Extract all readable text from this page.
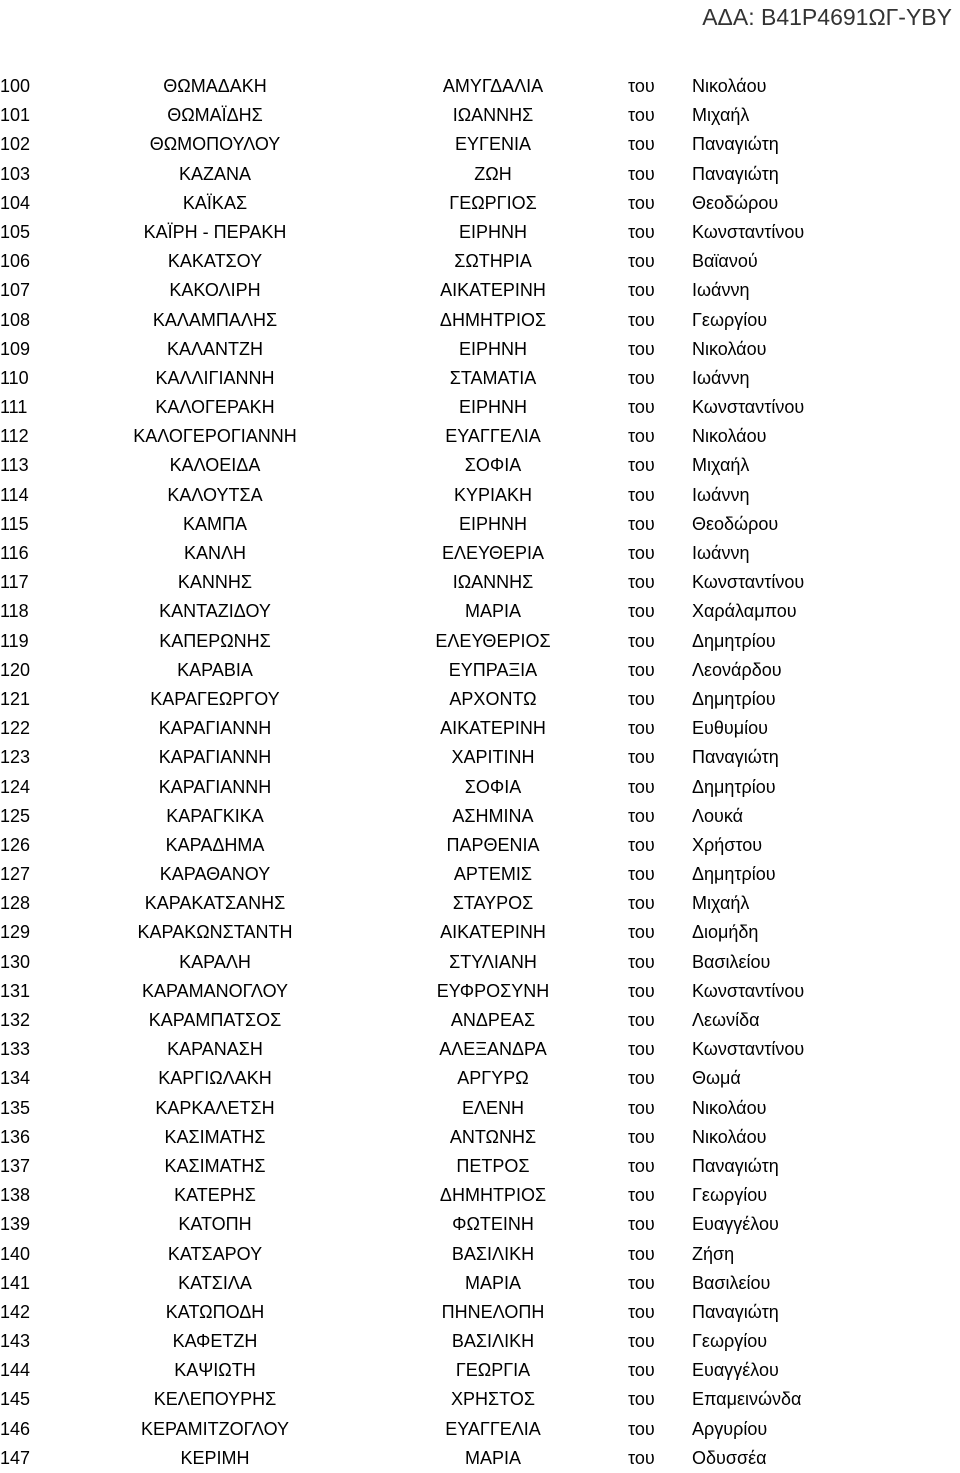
ΑΔΑ: Β41Ρ4691ΩΓ-ΥΒΥ
100	ΘΩΜΑΔΑΚΗ	ΑΜΥΓΔΑΛΙΑ	του	Νικολάου
101	ΘΩΜΑΪΔΗΣ	ΙΩΑΝΝΗΣ	του	Μιχαήλ
102	ΘΩΜΟΠΟΥΛΟΥ	ΕΥΓΕΝΙΑ	του	Παναγιώτη
103	ΚΑΖΑΝΑ	ΖΩΗ	του	Παναγιώτη
104	ΚΑΪΚΑΣ	ΓΕΩΡΓΙΟΣ	του	Θεοδώρου
105	ΚΑΪΡΗ - ΠΕΡΑΚΗ	ΕΙΡΗΝΗ	του	Κωνσταντίνου
106	ΚΑΚΑΤΣΟΥ	ΣΩΤΗΡΙΑ	του	Βαϊανού
107	ΚΑΚΟΛΙΡΗ	ΑΙΚΑΤΕΡΙΝΗ	του	Ιωάννη
108	ΚΑΛΑΜΠΑΛΗΣ	ΔΗΜΗΤΡΙΟΣ	του	Γεωργίου
109	ΚΑΛΑΝΤΖΗ	ΕΙΡΗΝΗ	του	Νικολάου
110	ΚΑΛΛΙΓΙΑΝΝΗ	ΣΤΑΜΑΤΙΑ	του	Ιωάννη
111	ΚΑΛΟΓΕΡΑΚΗ	ΕΙΡΗΝΗ	του	Κωνσταντίνου
112	ΚΑΛΟΓΕΡΟΓΙΑΝΝΗ	ΕΥΑΓΓΕΛΙΑ	του	Νικολάου
113	ΚΑΛΟΕΙΔΑ	ΣΟΦΙΑ	του	Μιχαήλ
114	ΚΑΛΟΥΤΣΑ	ΚΥΡΙΑΚΗ	του	Ιωάννη
115	ΚΑΜΠΑ	ΕΙΡΗΝΗ	του	Θεοδώρου
116	ΚΑΝΛΗ	ΕΛΕΥΘΕΡΙΑ	του	Ιωάννη
117	ΚΑΝΝΗΣ	ΙΩΑΝΝΗΣ	του	Κωνσταντίνου
118	ΚΑΝΤΑΖΙΔΟΥ	ΜΑΡΙΑ	του	Χαράλαμπου
119	ΚΑΠΕΡΩΝΗΣ	ΕΛΕΥΘΕΡΙΟΣ	του	Δημητρίου
120	ΚΑΡΑΒΙΑ	ΕΥΠΡΑΞΙΑ	του	Λεονάρδου
121	ΚΑΡΑΓΕΩΡΓΟΥ	ΑΡΧΟΝΤΩ	του	Δημητρίου
122	ΚΑΡΑΓΙΑΝΝΗ	ΑΙΚΑΤΕΡΙΝΗ	του	Ευθυμίου
123	ΚΑΡΑΓΙΑΝΝΗ	ΧΑΡΙΤΙΝΗ	του	Παναγιώτη
124	ΚΑΡΑΓΙΑΝΝΗ	ΣΟΦΙΑ	του	Δημητρίου
125	ΚΑΡΑΓΚΙΚΑ	ΑΣΗΜΙΝΑ	του	Λουκά
126	ΚΑΡΑΔΗΜΑ	ΠΑΡΘΕΝΙΑ	του	Χρήστου
127	ΚΑΡΑΘΑΝΟΥ	ΑΡΤΕΜΙΣ	του	Δημητρίου
128	ΚΑΡΑΚΑΤΣΑΝΗΣ	ΣΤΑΥΡΟΣ	του	Μιχαήλ
129	ΚΑΡΑΚΩΝΣΤΑΝΤΗ	ΑΙΚΑΤΕΡΙΝΗ	του	Διομήδη
130	ΚΑΡΑΛΗ	ΣΤΥΛΙΑΝΗ	του	Βασιλείου
131	ΚΑΡΑΜΑΝΟΓΛΟΥ	ΕΥΦΡΟΣΥΝΗ	του	Κωνσταντίνου
132	ΚΑΡΑΜΠΑΤΣΟΣ	ΑΝΔΡΕΑΣ	του	Λεωνίδα
133	ΚΑΡΑΝΑΣΗ	ΑΛΕΞΑΝΔΡΑ	του	Κωνσταντίνου
134	ΚΑΡΓΙΩΛΑΚΗ	ΑΡΓΥΡΩ	του	Θωμά
135	ΚΑΡΚΑΛΕΤΣΗ	ΕΛΕΝΗ	του	Νικολάου
136	ΚΑΣΙΜΑΤΗΣ	ΑΝΤΩΝΗΣ	του	Νικολάου
137	ΚΑΣΙΜΑΤΗΣ	ΠΕΤΡΟΣ	του	Παναγιώτη
138	ΚΑΤΕΡΗΣ	ΔΗΜΗΤΡΙΟΣ	του	Γεωργίου
139	ΚΑΤΟΠΗ	ΦΩΤΕΙΝΗ	του	Ευαγγέλου
140	ΚΑΤΣΑΡΟΥ	ΒΑΣΙΛΙΚΗ	του	Ζήση
141	ΚΑΤΣΙΛΑ	ΜΑΡΙΑ	του	Βασιλείου
142	ΚΑΤΩΠΟΔΗ	ΠΗΝΕΛΟΠΗ	του	Παναγιώτη
143	ΚΑΦΕΤΖΗ	ΒΑΣΙΛΙΚΗ	του	Γεωργίου
144	ΚΑΨΙΩΤΗ	ΓΕΩΡΓΙΑ	του	Ευαγγέλου
145	ΚΕΛΕΠΟΥΡΗΣ	ΧΡΗΣΤΟΣ	του	Επαμεινώνδα
146	ΚΕΡΑΜΙΤΖΟΓΛΟΥ	ΕΥΑΓΓΕΛΙΑ	του	Αργυρίου
147	ΚΕΡΙΜΗ	ΜΑΡΙΑ	του	Οδυσσέα
